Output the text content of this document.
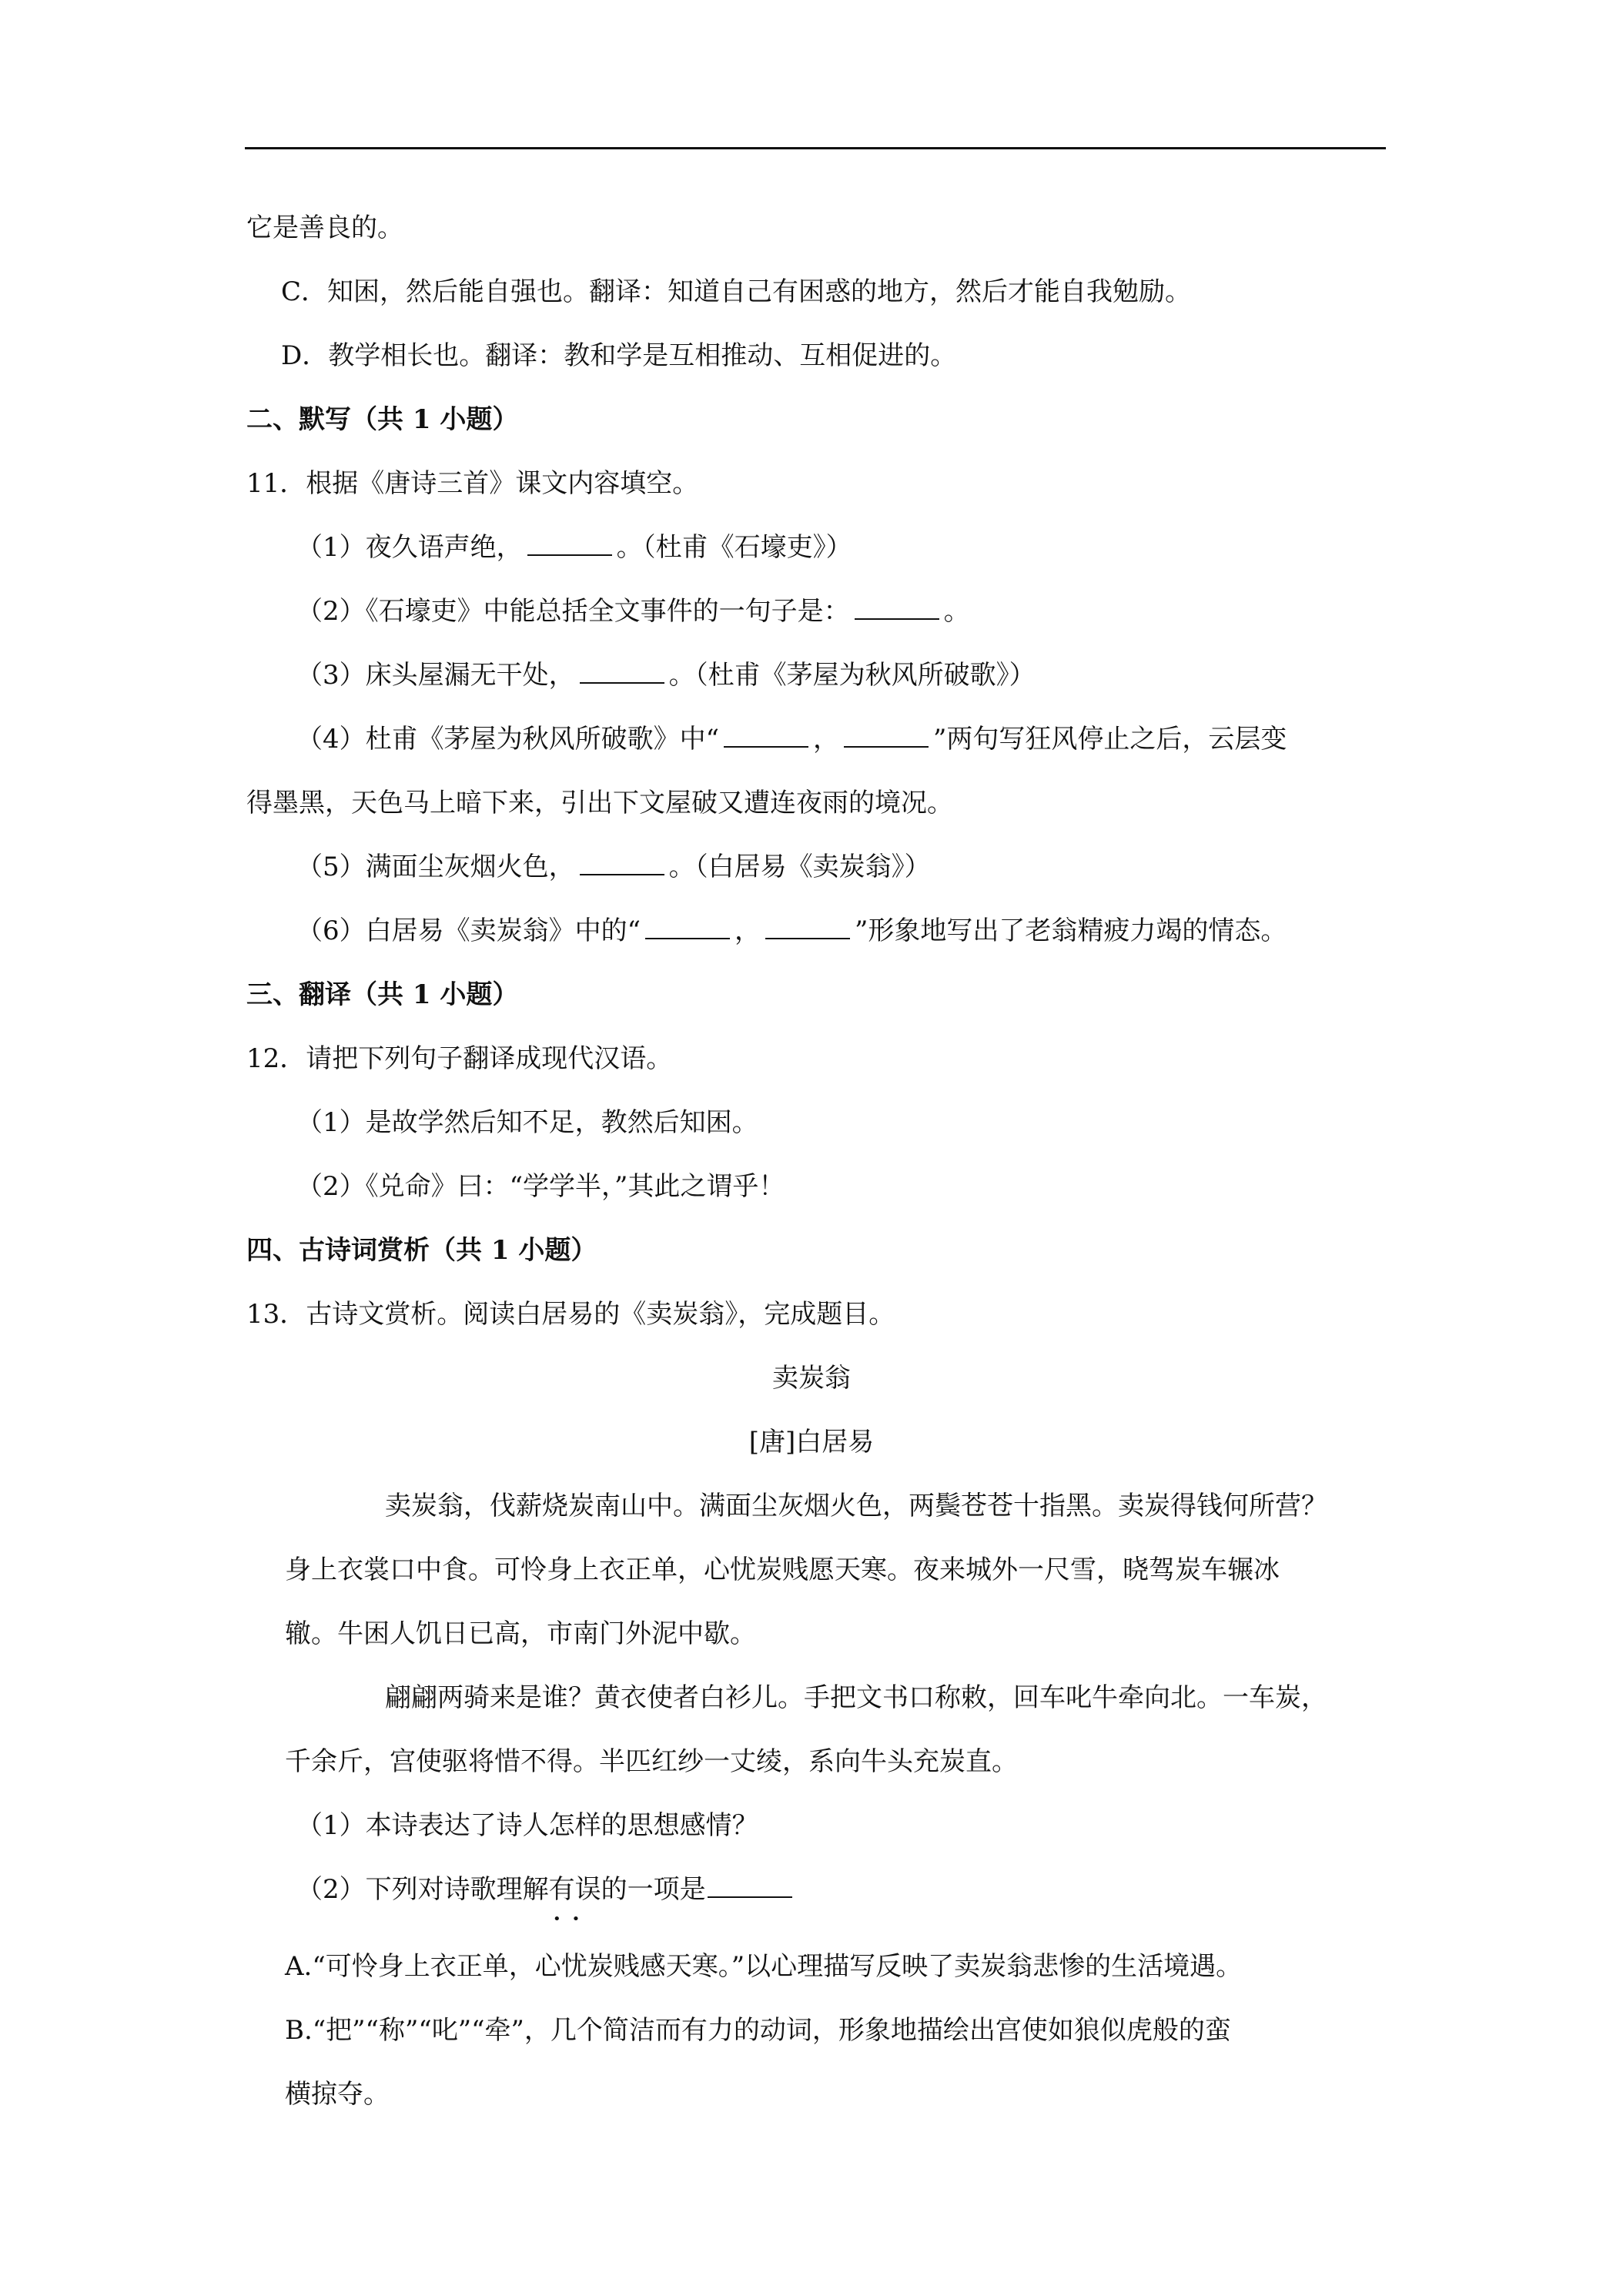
它是善良的。
C．知困，然后能自强也。翻译：知道自己有困惑的地方，然后才能自我勉励。
D．教学相长也。翻译：教和学是互相推动、互相促进的。
二、默写（共 1 小题）
11．根据《唐诗三首》课文内容填空。
（1）夜久语声绝，	。（杜甫《石壕吏》）
（2）《石壕吏》中能总括全文事件的一句子是：	。
（3）床头屋漏无干处，	。（杜甫《茅屋为秋风所破歌》）
（4）杜甫《茅屋为秋风所破歌》中“	，	”两句写狂风停止之后，云层变
得墨黑，天色马上暗下来，引出下文屋破又遭连夜雨的境况。
（5）满面尘灰烟火色，	。（白居易《卖炭翁》）
（6）白居易《卖炭翁》中的“	，	”形象地写出了老翁精疲力竭的情态。
三、翻译（共 1 小题）
12．请把下列句子翻译成现代汉语。
（1）是故学然后知不足，教然后知困。
（2）《兑命》曰：“学学半，”其此之谓乎！
四、古诗词赏析（共 1 小题）
13．古诗文赏析。阅读白居易的《卖炭翁》，完成题目。
卖炭翁
[唐]白居易
卖炭翁，伐薪烧炭南山中。满面尘灰烟火色，两鬓苍苍十指黑。卖炭得钱何所营？
身上衣裳口中食。可怜身上衣正单，心忧炭贱愿天寒。夜来城外一尺雪，晓驾炭车辗冰
辙。牛困人饥日已高，市南门外泥中歇。
翩翩两骑来是谁？黄衣使者白衫儿。手把文书口称敕，回车叱牛牵向北。一车炭，
千余斤，宫使驱将惜不得。半匹红纱一丈绫，系向牛头充炭直。
（1）本诗表达了诗人怎样的思想感情？
（2）下列对诗歌理解有误的一项是
••
A.“可怜身上衣正单，心忧炭贱感天寒。”以心理描写反映了卖炭翁悲惨的生活境遇。
B.“把”“称”“叱”“牵”，几个简洁而有力的动词，形象地描绘出宫使如狼似虎般的蛮
横掠夺。
